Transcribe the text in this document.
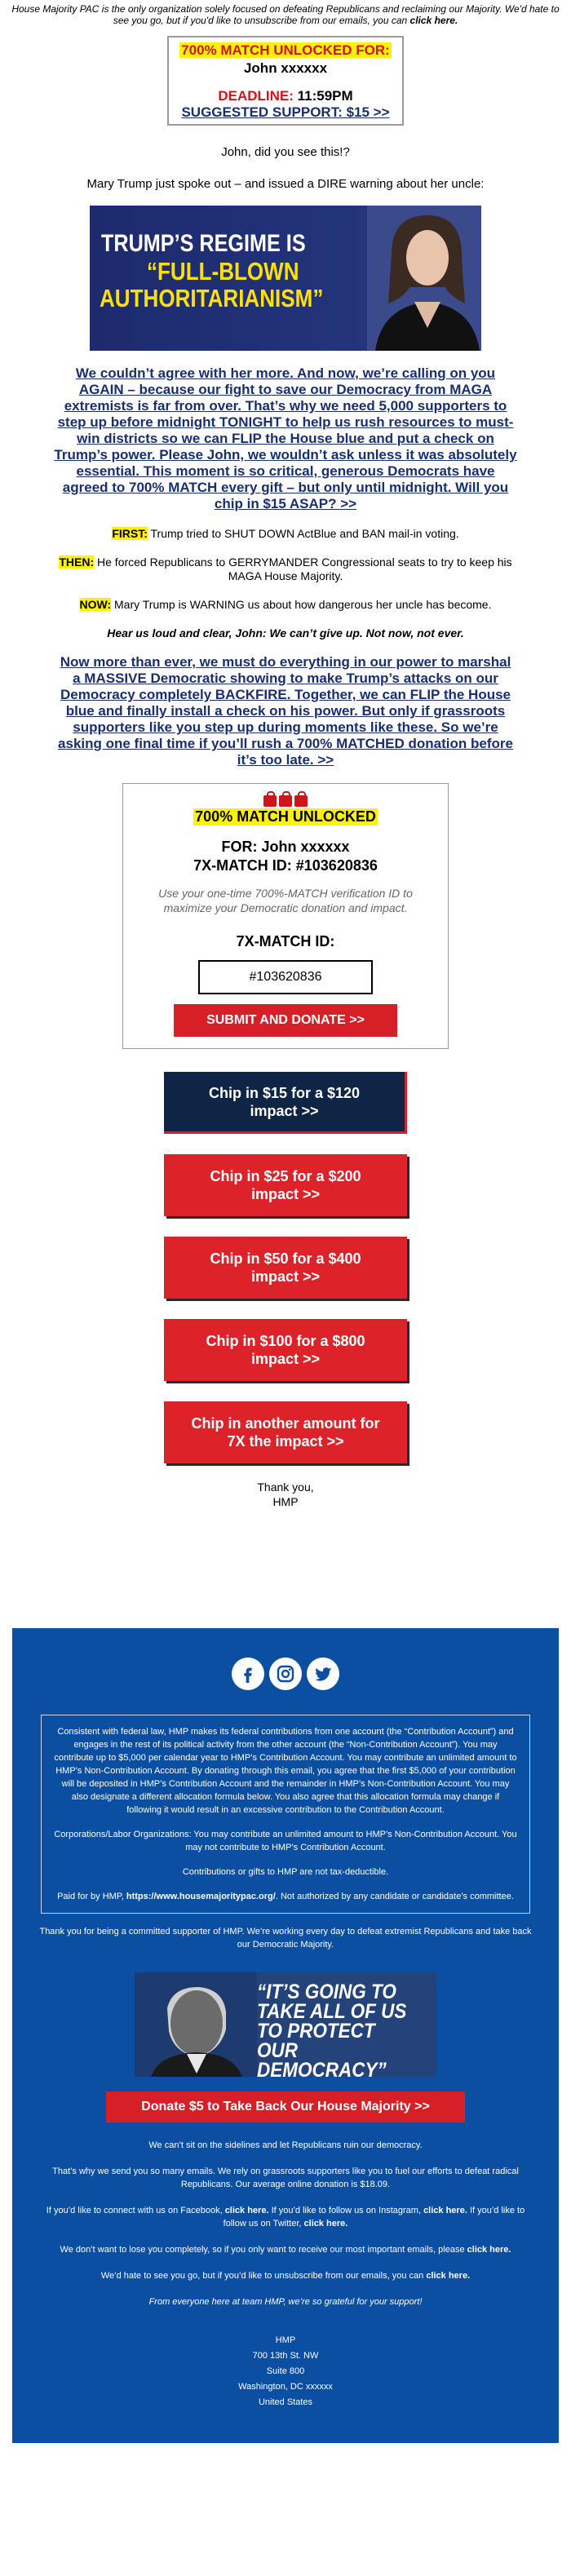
House Majority PAC is the only organization solely focused on defeating Republicans and reclaiming our Majority. We'd hate to see you go, but if you'd like to unsubscribe from our emails, you can click here.
700% MATCH UNLOCKED FOR:
John xxxxxx
DEADLINE: 11:59PM
SUGGESTED SUPPORT: $15 >>
John, did you see this!?
Mary Trump just spoke out – and issued a DIRE warning about her uncle:
TRUMP’S REGIME IS
“FULL-BLOWN
AUTHORITARIANISM”
We couldn’t agree with her more. And now, we’re calling on you AGAIN – because our fight to save our Democracy from MAGA extremists is far from over. That’s why we need 5,000 supporters to step up before midnight TONIGHT to help us rush resources to must-win districts so we can FLIP the House blue and put a check on Trump’s power. Please John, we wouldn’t ask unless it was absolutely essential. This moment is so critical, generous Democrats have agreed to 700% MATCH every gift – but only until midnight. Will you chip in $15 ASAP? >>
FIRST: Trump tried to SHUT DOWN ActBlue and BAN mail-in voting.
THEN: He forced Republicans to GERRYMANDER Congressional seats to try to keep his MAGA House Majority.
NOW: Mary Trump is WARNING us about how dangerous her uncle has become.
Hear us loud and clear, John: We can’t give up. Not now, not ever.
Now more than ever, we must do everything in our power to marshal a MASSIVE Democratic showing to make Trump’s attacks on our Democracy completely BACKFIRE. Together, we can FLIP the House blue and finally install a check on his power. But only if grassroots supporters like you step up during moments like these. So we’re asking one final time if you’ll rush a 700% MATCHED donation before it’s too late. >>
700% MATCH UNLOCKED
FOR: John xxxxxx
7X-MATCH ID: #103620836
Use your one-time 700%-MATCH verification ID to maximize your Democratic donation and impact.
7X-MATCH ID:
#103620836
SUBMIT AND DONATE >>
Chip in $15 for a $120
impact >>
Chip in $25 for a $200
impact >>
Chip in $50 for a $400
impact >>
Chip in $100 for a $800
impact >>
Chip in another amount for
7X the impact >>
Thank you,
HMP

Consistent with federal law, HMP makes its federal contributions from one account (the “Contribution Account”) and engages in the rest of its political activity from the other account (the “Non-Contribution Account”). You may contribute up to $5,000 per calendar year to HMP’s Contribution Account. You may contribute an unlimited amount to HMP’s Non-Contribution Account. By donating through this email, you agree that the first $5,000 of your contribution will be deposited in HMP’s Contribution Account and the remainder in HMP’s Non-Contribution Account. You may also designate a different allocation formula below. You also agree that this allocation formula may change if following it would result in an excessive contribution to the Contribution Account.

Corporations/Labor Organizations: You may contribute an unlimited amount to HMP’s Non-Contribution Account. You may not contribute to HMP’s Contribution Account.

Contributions or gifts to HMP are not tax-deductible.

Paid for by HMP, https://www.housemajoritypac.org/. Not authorized by any candidate or candidate’s committee.

Thank you for being a committed supporter of HMP. We’re working every day to defeat extremist Republicans and take back our Democratic Majority.
“IT’S GOING TO
TAKE ALL OF US
TO PROTECT OUR
DEMOCRACY”
Donate $5 to Take Back Our House Majority >>
We can’t sit on the sidelines and let Republicans ruin our democracy.
That’s why we send you so many emails. We rely on grassroots supporters like you to fuel our efforts to defeat radical Republicans. Our average online donation is $18.09.
If you’d like to connect with us on Facebook, click here. If you’d like to follow us on Instagram, click here. If you’d like to follow us on Twitter, click here.
We don’t want to lose you completely, so if you only want to receive our most important emails, please click here.
We’d hate to see you go, but if you’d like to unsubscribe from our emails, you can click here.
From everyone here at team HMP, we’re so grateful for your support!
HMP
700 13th St. NW
Suite 800
Washington, DC xxxxxx
United States
